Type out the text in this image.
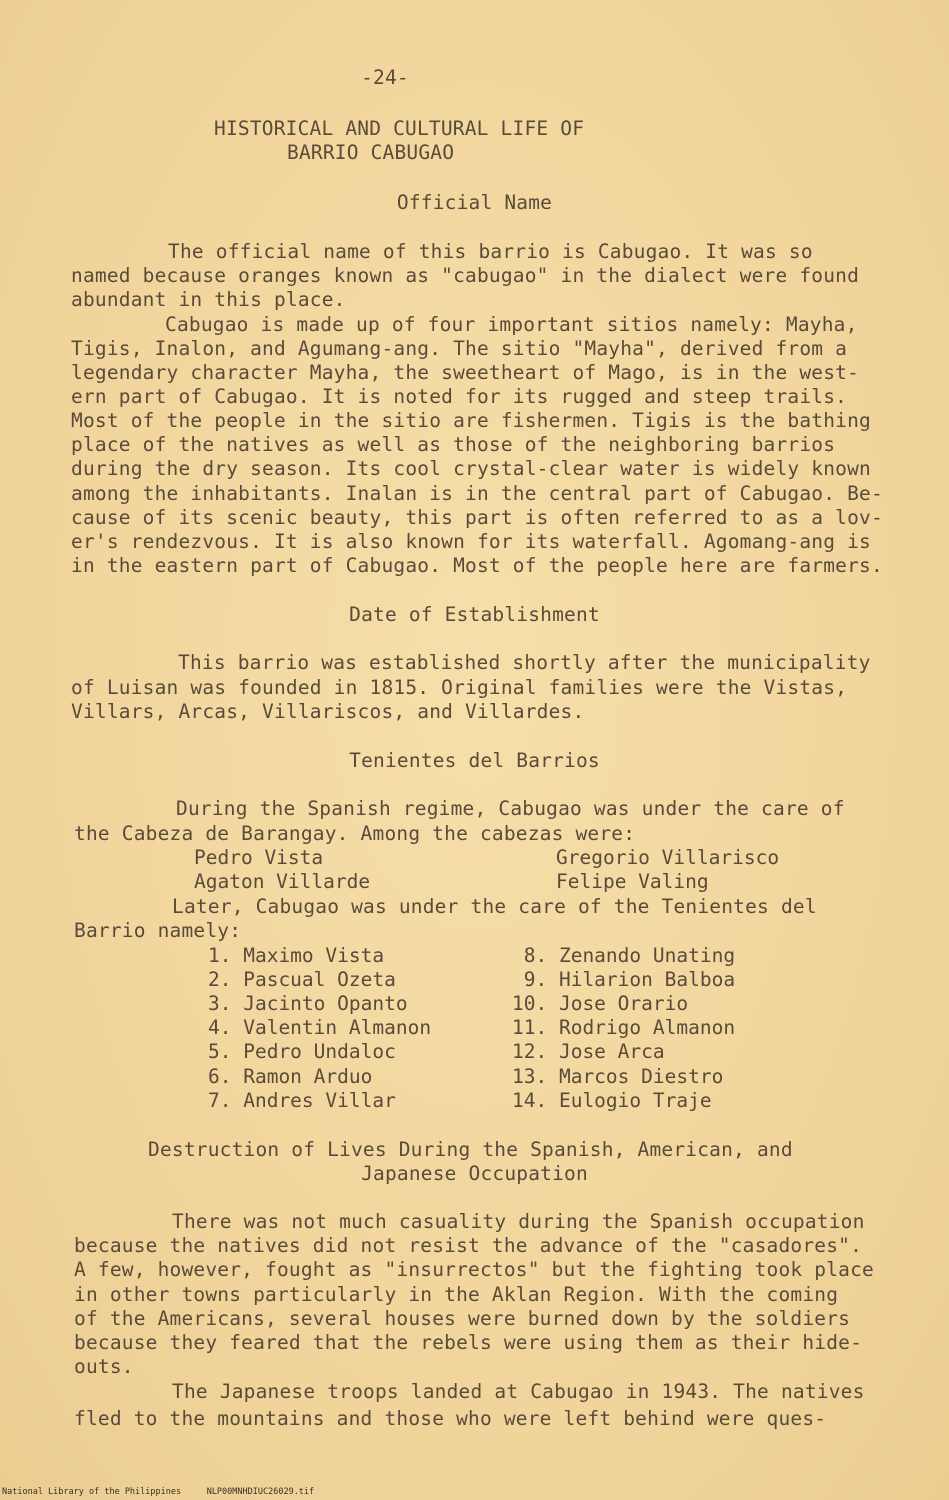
-24-
HISTORICAL AND CULTURAL LIFE OF
BARRIO CABUGAO
Official Name
The official name of this barrio is Cabugao. It was so
named because oranges known as "cabugao" in the dialect were found
abundant in this place.
Cabugao is made up of four important sitios namely: Mayha,
Tigis, Inalon, and Agumang-ang. The sitio "Mayha", derived from a
legendary character Mayha, the sweetheart of Mago, is in the west-
ern part of Cabugao. It is noted for its rugged and steep trails.
Most of the people in the sitio are fishermen. Tigis is the bathing
place of the natives as well as those of the neighboring barrios
during the dry season. Its cool crystal-clear water is widely known
among the inhabitants. Inalan is in the central part of Cabugao. Be-
cause of its scenic beauty, this part is often referred to as a lov-
er's rendezvous. It is also known for its waterfall. Agomang-ang is
in the eastern part of Cabugao. Most of the people here are farmers.
Date of Establishment
This barrio was established shortly after the municipality
of Luisan was founded in 1815. Original families were the Vistas,
Villars, Arcas, Villariscos, and Villardes.
Tenientes del Barrios
During the Spanish regime, Cabugao was under the care of
the Cabeza de Barangay. Among the cabezas were:
Pedro Vista
Agaton Villarde
Gregorio Villarisco
Felipe Valing
Later, Cabugao was under the care of the Tenientes del
Barrio namely:
1. Maximo Vista
2. Pascual Ozeta
3. Jacinto Opanto
4. Valentin Almanon
5. Pedro Undaloc
6. Ramon Arduo
7. Andres Villar
8. Zenando Unating
9. Hilarion Balboa
10. Jose Orario
11. Rodrigo Almanon
12. Jose Arca
13. Marcos Diestro
14. Eulogio Traje
Destruction of Lives During the Spanish, American, and
Japanese Occupation
There was not much casuality during the Spanish occupation
because the natives did not resist the advance of the "casadores".
A few, however, fought as "insurrectos" but the fighting took place
in other towns particularly in the Aklan Region. With the coming
of the Americans, several houses were burned down by the soldiers
because they feared that the rebels were using them as their hide-
outs.
The Japanese troops landed at Cabugao in 1943. The natives
fled to the mountains and those who were left behind were ques-
National Library of the Philippines     NLP00MNHDIUC26029.tif
